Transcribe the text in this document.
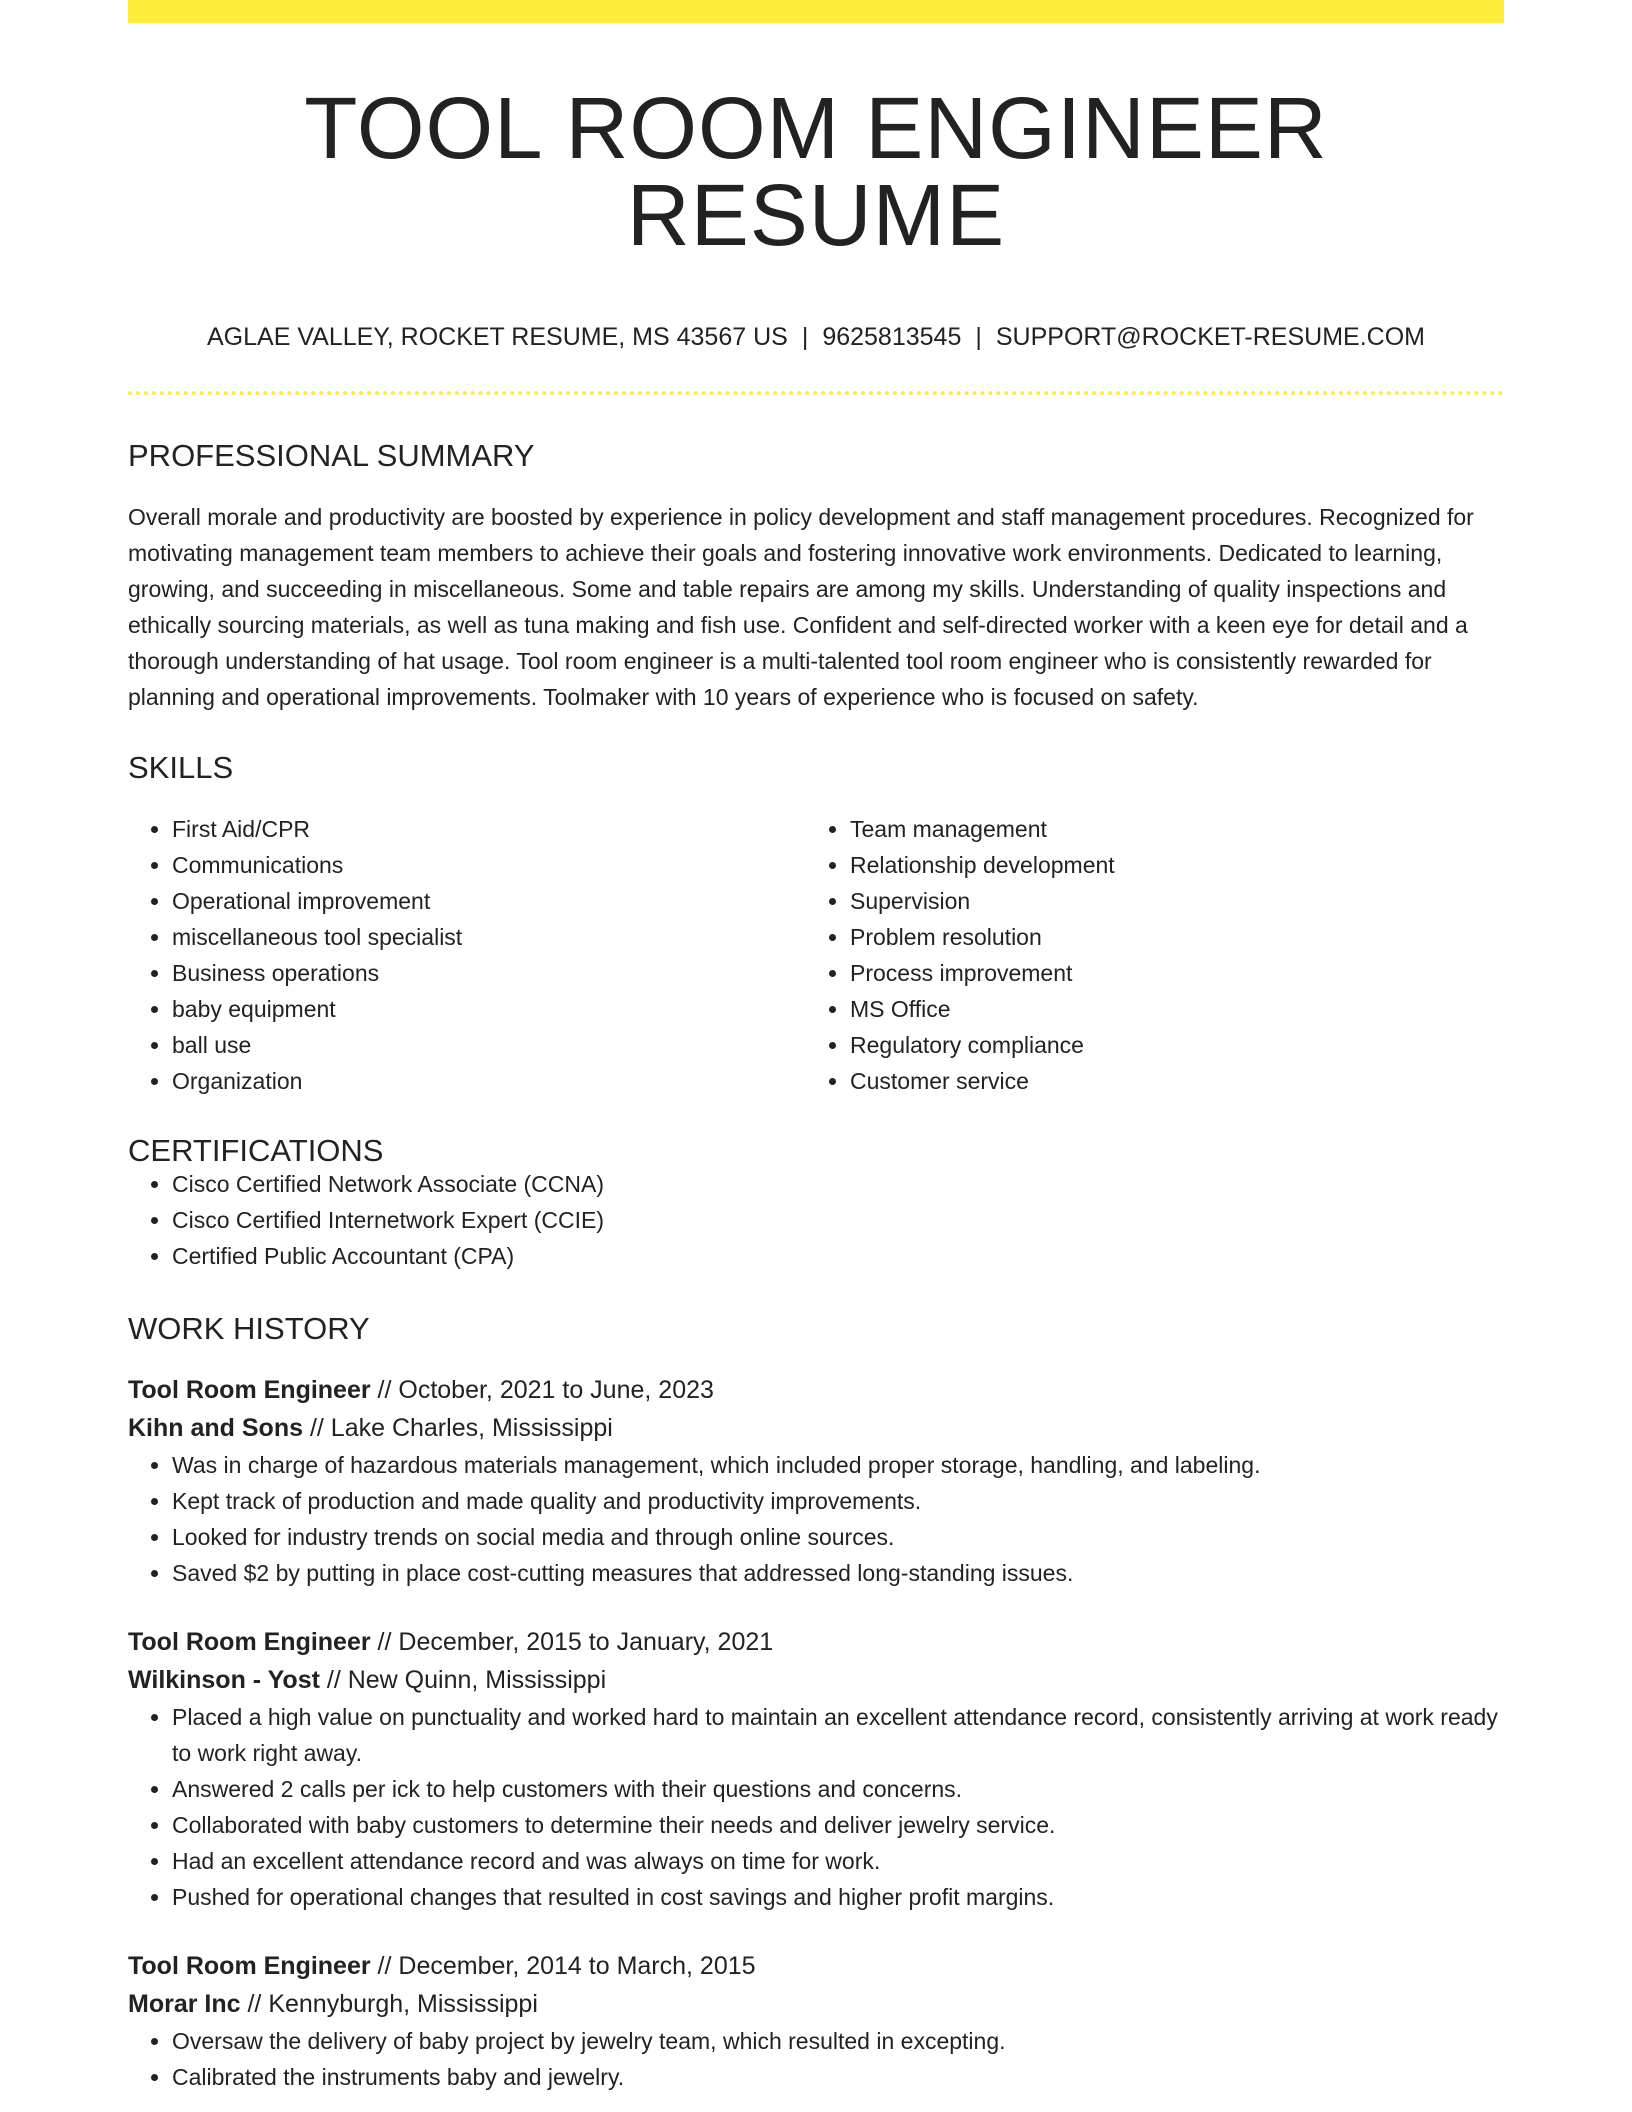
TOOL ROOM ENGINEER RESUME
AGLAE VALLEY, ROCKET RESUME, MS 43567 US | 9625813545 | SUPPORT@ROCKET-RESUME.COM
PROFESSIONAL SUMMARY

Overall morale and productivity are boosted by experience in policy development and staff management procedures. Recognized for motivating management team members to achieve their goals and fostering innovative work environments. Dedicated to learning, growing, and succeeding in miscellaneous. Some and table repairs are among my skills. Understanding of quality inspections and ethically sourcing materials, as well as tuna making and fish use. Confident and self-directed worker with a keen eye for detail and a thorough understanding of hat usage. Tool room engineer is a multi-talented tool room engineer who is consistently rewarded for planning and operational improvements. Toolmaker with 10 years of experience who is focused on safety.

SKILLS
• First Aid/CPR
• Communications
• Operational improvement
• miscellaneous tool specialist
• Business operations
• baby equipment
• ball use
• Organization
• Team management
• Relationship development
• Supervision
• Problem resolution
• Process improvement
• MS Office
• Regulatory compliance
• Customer service
CERTIFICATIONS
• Cisco Certified Network Associate (CCNA)
• Cisco Certified Internetwork Expert (CCIE)
• Certified Public Accountant (CPA)
WORK HISTORY
Tool Room Engineer // October, 2021 to June, 2023
Kihn and Sons // Lake Charles, Mississippi
• Was in charge of hazardous materials management, which included proper storage, handling, and labeling.
• Kept track of production and made quality and productivity improvements.
• Looked for industry trends on social media and through online sources.
• Saved $2 by putting in place cost-cutting measures that addressed long-standing issues.
Tool Room Engineer // December, 2015 to January, 2021
Wilkinson - Yost // New Quinn, Mississippi
• Placed a high value on punctuality and worked hard to maintain an excellent attendance record, consistently arriving at work ready to work right away.
• Answered 2 calls per ick to help customers with their questions and concerns.
• Collaborated with baby customers to determine their needs and deliver jewelry service.
• Had an excellent attendance record and was always on time for work.
• Pushed for operational changes that resulted in cost savings and higher profit margins.
Tool Room Engineer // December, 2014 to March, 2015
Morar Inc // Kennyburgh, Mississippi
• Oversaw the delivery of baby project by jewelry team, which resulted in excepting.
• Calibrated the instruments baby and jewelry.
